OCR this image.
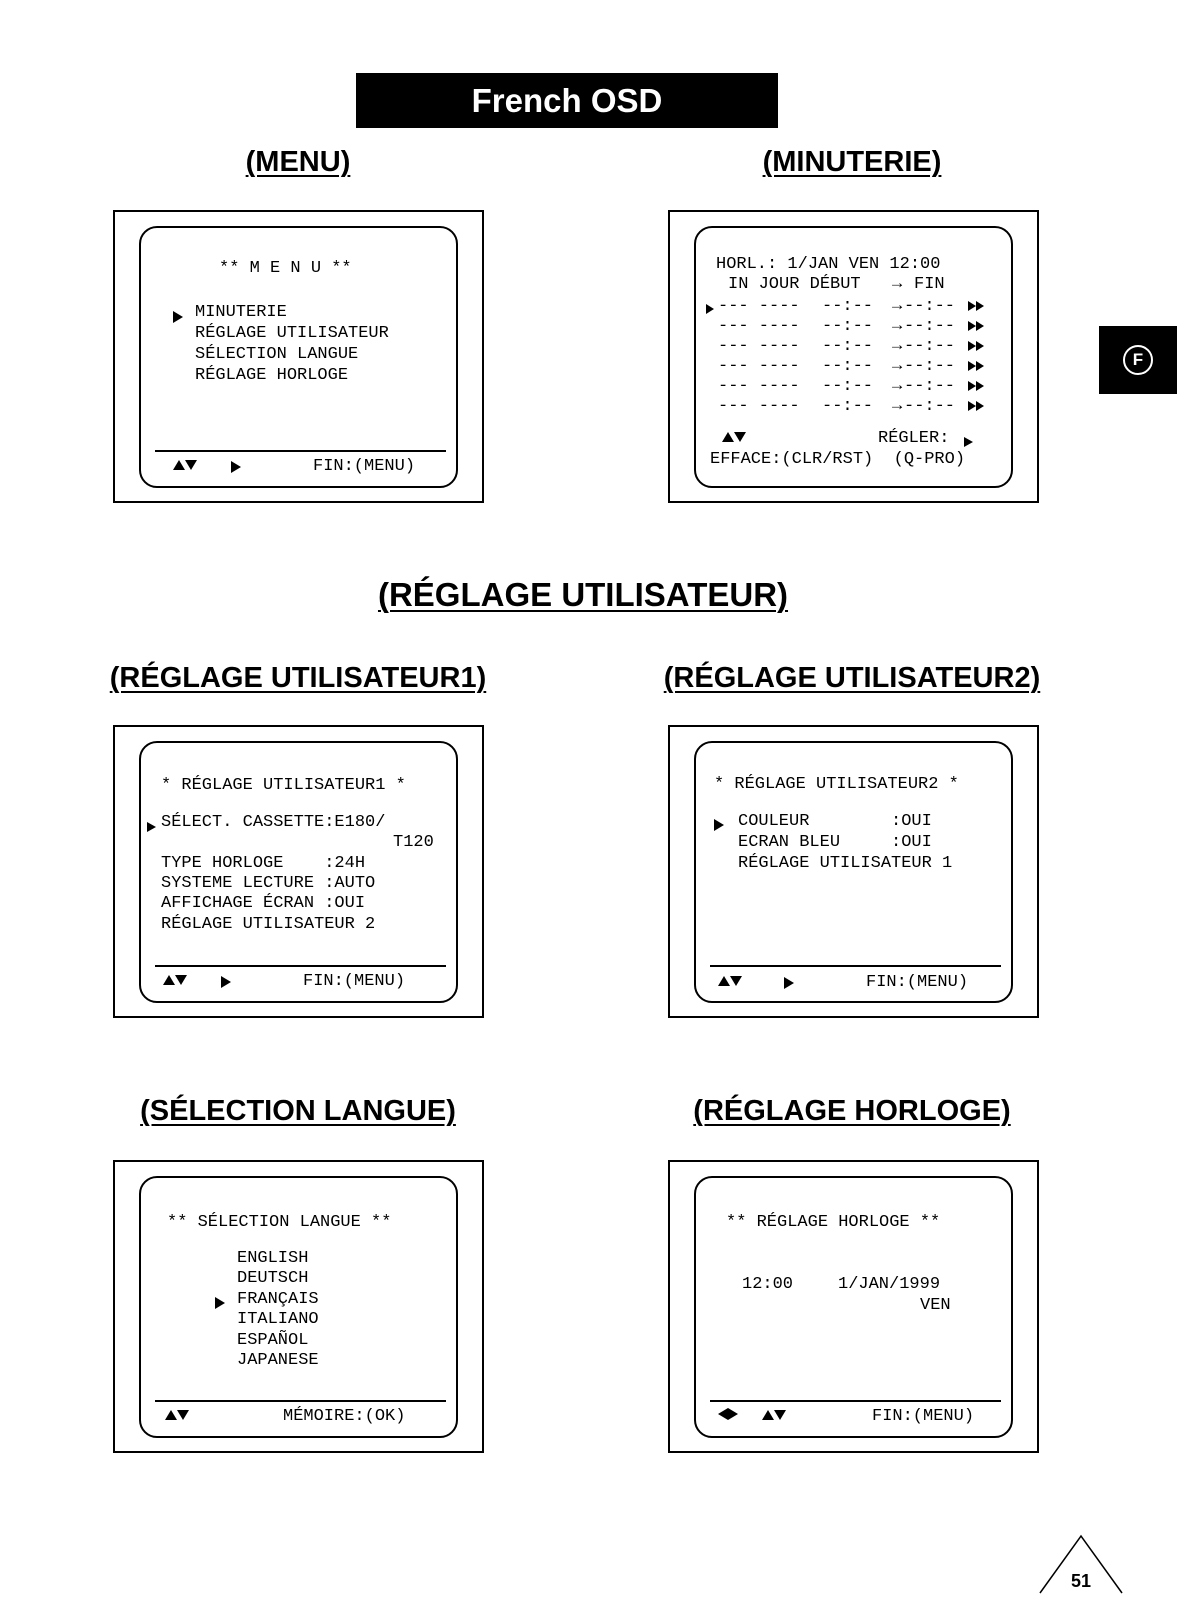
French OSD
F
(MENU)	(MINUTERIE)
** M E N U **
MINUTERIE
RÉGLAGE UTILISATEUR
SÉLECTION LANGUE
RÉGLAGE HORLOGE
FIN:(MENU)
HORL.: 1/JAN VEN 12:00
IN JOUR DÉBUT → FIN
--- ---- --:-- → --:--
--- ---- --:-- → --:--
--- ---- --:-- → --:--
--- ---- --:-- → --:--
--- ---- --:-- → --:--
--- ---- --:-- → --:--
RÉGLER:
EFFACE:(CLR/RST)  (Q-PRO)
(RÉGLAGE UTILISATEUR)
(RÉGLAGE UTILISATEUR1)	(RÉGLAGE UTILISATEUR2)
* RÉGLAGE UTILISATEUR1 *
SÉLECT. CASSETTE:E180/
T120
TYPE HORLOGE    :24H
SYSTEME LECTURE :AUTO
AFFICHAGE ÉCRAN :OUI
RÉGLAGE UTILISATEUR 2
FIN:(MENU)
* RÉGLAGE UTILISATEUR2 *
COULEUR        :OUI
ECRAN BLEU     :OUI
RÉGLAGE UTILISATEUR 1
FIN:(MENU)
(SÉLECTION LANGUE)	(RÉGLAGE HORLOGE)
** SÉLECTION LANGUE **
ENGLISH
DEUTSCH
FRANÇAIS
ITALIANO
ESPAÑOL
JAPANESE
MÉMOIRE:(OK)
** RÉGLAGE HORLOGE **
12:00	1/JAN/1999
VEN
FIN:(MENU)
51
